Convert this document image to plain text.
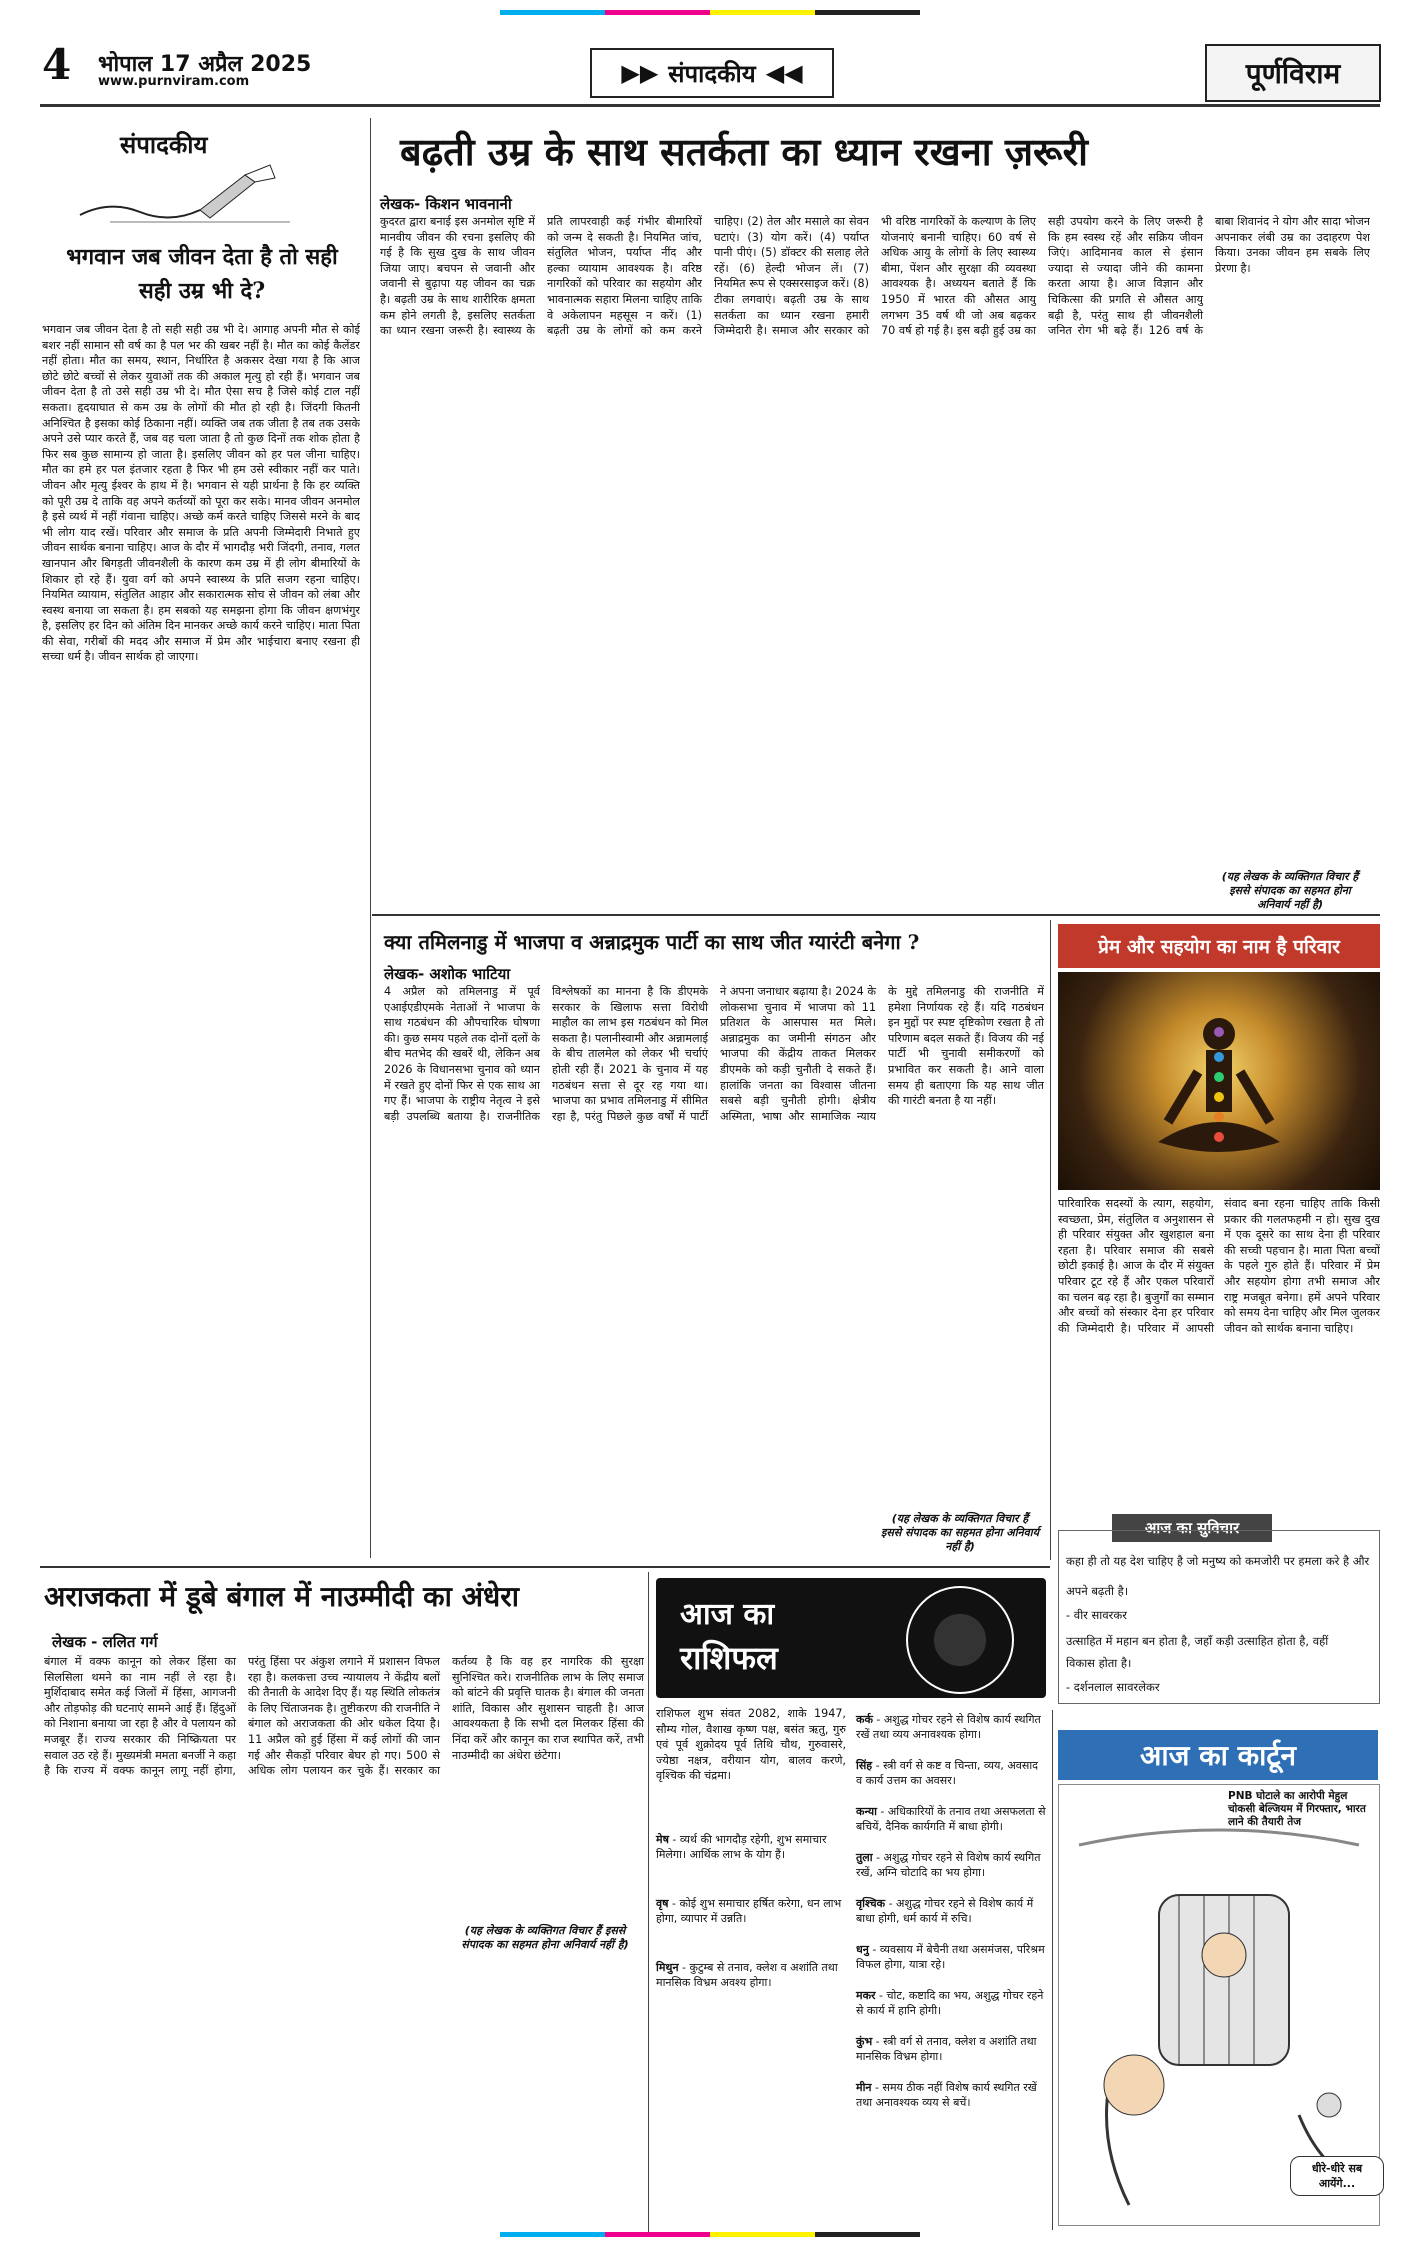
4 भोपाल 17 अप्रैल 2025
www.purnviram.com	▶▶ संपादकीय ◀◀	पूर्णविराम
संपादकीय
भगवान जब जीवन देता है तो सही सही उम्र भी दे?
भगवान जब जीवन देता है तो सही सही उम्र भी दे। आगाह अपनी मौत से कोई बशर नहीं सामान सौ वर्ष का है पल भर की खबर नहीं है। मौत का कोई कैलेंडर नहीं होता। मौत का समय, स्थान, निर्धारित है अकसर देखा गया है कि आज छोटे छोटे बच्चों से लेकर युवाओं तक की अकाल मृत्यु हो रही हैं। भगवान जब जीवन देता है तो उसे सही उम्र भी दे। मौत ऐसा सच है जिसे कोई टाल नहीं सकता। हृदयाघात से कम उम्र के लोगों की मौत हो रही है। जिंदगी कितनी अनिश्चित है इसका कोई ठिकाना नहीं। व्यक्ति जब तक जीता है तब तक उसके अपने उसे प्यार करते हैं, जब वह चला जाता है तो कुछ दिनों तक शोक होता है फिर सब कुछ सामान्य हो जाता है। इसलिए जीवन को हर पल जीना चाहिए। मौत का हमे हर पल इंतजार रहता है फिर भी हम उसे स्वीकार नहीं कर पाते। जीवन और मृत्यु ईश्वर के हाथ में है। भगवान से यही प्रार्थना है कि हर व्यक्ति को पूरी उम्र दे ताकि वह अपने कर्तव्यों को पूरा कर सके। मानव जीवन अनमोल है इसे व्यर्थ में नहीं गंवाना चाहिए। अच्छे कर्म करते चाहिए जिससे मरने के बाद भी लोग याद रखें। परिवार और समाज के प्रति अपनी जिम्मेदारी निभाते हुए जीवन सार्थक बनाना चाहिए। आज के दौर में भागदौड़ भरी जिंदगी, तनाव, गलत खानपान और बिगड़ती जीवनशैली के कारण कम उम्र में ही लोग बीमारियों के शिकार हो रहे हैं। युवा वर्ग को अपने स्वास्थ्य के प्रति सजग रहना चाहिए। नियमित व्यायाम, संतुलित आहार और सकारात्मक सोच से जीवन को लंबा और स्वस्थ बनाया जा सकता है। हम सबको यह समझना होगा कि जीवन क्षणभंगुर है, इसलिए हर दिन को अंतिम दिन मानकर अच्छे कार्य करने चाहिए। माता पिता की सेवा, गरीबों की मदद और समाज में प्रेम और भाईचारा बनाए रखना ही सच्चा धर्म है। जीवन सार्थक हो जाएगा।
बढ़ती उम्र के साथ सतर्कता का ध्यान रखना ज़रूरी
लेखक- किशन भावनानी
कुदरत द्वारा बनाई इस अनमोल सृष्टि में मानवीय जीवन की रचना इसलिए की गई है कि सुख दुख के साथ जीवन जिया जाए। बचपन से जवानी और जवानी से बुढ़ापा यह जीवन का चक्र है। बढ़ती उम्र के साथ शारीरिक क्षमता कम होने लगती है, इसलिए सतर्कता का ध्यान रखना जरूरी है। स्वास्थ्य के प्रति लापरवाही कई गंभीर बीमारियों को जन्म दे सकती है। नियमित जांच, संतुलित भोजन, पर्याप्त नींद और हल्का व्यायाम आवश्यक है। वरिष्ठ नागरिकों को परिवार का सहयोग और भावनात्मक सहारा मिलना चाहिए ताकि वे अकेलापन महसूस न करें। (1) बढ़ती उम्र के लोगों को कम करने चाहिए। (2) तेल और मसाले का सेवन घटाएं। (3) योग करें। (4) पर्याप्त पानी पीएं। (5) डॉक्टर की सलाह लेते रहें। (6) हेल्दी भोजन लें। (7) नियमित रूप से एक्सरसाइज करें। (8) टीका लगवाएं। बढ़ती उम्र के साथ सतर्कता का ध्यान रखना हमारी जिम्मेदारी है। समाज और सरकार को भी वरिष्ठ नागरिकों के कल्याण के लिए योजनाएं बनानी चाहिए। 60 वर्ष से अधिक आयु के लोगों के लिए स्वास्थ्य बीमा, पेंशन और सुरक्षा की व्यवस्था आवश्यक है। अध्ययन बताते हैं कि 1950 में भारत की औसत आयु लगभग 35 वर्ष थी जो अब बढ़कर 70 वर्ष हो गई है। इस बढ़ी हुई उम्र का सही उपयोग करने के लिए जरूरी है कि हम स्वस्थ रहें और सक्रिय जीवन जिएं। आदिमानव काल से इंसान ज्यादा से ज्यादा जीने की कामना करता आया है। आज विज्ञान और चिकित्सा की प्रगति से औसत आयु बढ़ी है, परंतु साथ ही जीवनशैली जनित रोग भी बढ़े हैं। 126 वर्ष के बाबा शिवानंद ने योग और सादा भोजन अपनाकर लंबी उम्र का उदाहरण पेश किया। उनका जीवन हम सबके लिए प्रेरणा है।
(यह लेखक के व्यक्तिगत विचार हैं इससे संपादक का सहमत होना अनिवार्य नहीं है)
क्या तमिलनाडु में भाजपा व अन्नाद्रमुक पार्टी का साथ जीत ग्यारंटी बनेगा ?
लेखक- अशोक भाटिया
4 अप्रैल को तमिलनाडु में पूर्व एआईएडीएमके नेताओं ने भाजपा के साथ गठबंधन की औपचारिक घोषणा की। कुछ समय पहले तक दोनों दलों के बीच मतभेद की खबरें थी, लेकिन अब 2026 के विधानसभा चुनाव को ध्यान में रखते हुए दोनों फिर से एक साथ आ गए हैं। भाजपा के राष्ट्रीय नेतृत्व ने इसे बड़ी उपलब्धि बताया है। राजनीतिक विश्लेषकों का मानना है कि डीएमके सरकार के खिलाफ सत्ता विरोधी माहौल का लाभ इस गठबंधन को मिल सकता है। पलानीस्वामी और अन्नामलाई के बीच तालमेल को लेकर भी चर्चाएं होती रही हैं। 2021 के चुनाव में यह गठबंधन सत्ता से दूर रह गया था। भाजपा का प्रभाव तमिलनाडु में सीमित रहा है, परंतु पिछले कुछ वर्षों में पार्टी ने अपना जनाधार बढ़ाया है। 2024 के लोकसभा चुनाव में भाजपा को 11 प्रतिशत के आसपास मत मिले। अन्नाद्रमुक का जमीनी संगठन और भाजपा की केंद्रीय ताकत मिलकर डीएमके को कड़ी चुनौती दे सकते हैं। हालांकि जनता का विश्वास जीतना सबसे बड़ी चुनौती होगी। क्षेत्रीय अस्मिता, भाषा और सामाजिक न्याय के मुद्दे तमिलनाडु की राजनीति में हमेशा निर्णायक रहे हैं। यदि गठबंधन इन मुद्दों पर स्पष्ट दृष्टिकोण रखता है तो परिणाम बदल सकते हैं। विजय की नई पार्टी भी चुनावी समीकरणों को प्रभावित कर सकती है। आने वाला समय ही बताएगा कि यह साथ जीत की गारंटी बनता है या नहीं।
(यह लेखक के व्यक्तिगत विचार हैं इससे संपादक का सहमत होना अनिवार्य नहीं है)
प्रेम और सहयोग का नाम है परिवार
पारिवारिक सदस्यों के त्याग, सहयोग, स्वच्छता, प्रेम, संतुलित व अनुशासन से ही परिवार संयुक्त और खुशहाल बना रहता है। परिवार समाज की सबसे छोटी इकाई है। आज के दौर में संयुक्त परिवार टूट रहे हैं और एकल परिवारों का चलन बढ़ रहा है। बुजुर्गों का सम्मान और बच्चों को संस्कार देना हर परिवार की जिम्मेदारी है। परिवार में आपसी संवाद बना रहना चाहिए ताकि किसी प्रकार की गलतफहमी न हो। सुख दुख में एक दूसरे का साथ देना ही परिवार की सच्ची पहचान है। माता पिता बच्चों के पहले गुरु होते हैं। परिवार में प्रेम और सहयोग होगा तभी समाज और राष्ट्र मजबूत बनेगा। हमें अपने परिवार को समय देना चाहिए और मिल जुलकर जीवन को सार्थक बनाना चाहिए।
आज का सुविचार
कहा ही तो यह देश चाहिए है जो मनुष्य को कमजोरी पर हमला करे है और
अपने बढ़ती है।
- वीर सावरकर
उत्साहित में महान बन होता है, जहाँ कड़ी उत्साहित होता है, वहीं
विकास होता है।
- दर्शनलाल सावरलेकर
अराजकता में डूबे बंगाल में नाउम्मीदी का अंधेरा
लेखक - ललित गर्ग
बंगाल में वक्फ कानून को लेकर हिंसा का सिलसिला थमने का नाम नहीं ले रहा है। मुर्शिदाबाद समेत कई जिलों में हिंसा, आगजनी और तोड़फोड़ की घटनाएं सामने आई हैं। हिंदुओं को निशाना बनाया जा रहा है और वे पलायन को मजबूर हैं। राज्य सरकार की निष्क्रियता पर सवाल उठ रहे हैं। मुख्यमंत्री ममता बनर्जी ने कहा है कि राज्य में वक्फ कानून लागू नहीं होगा, परंतु हिंसा पर अंकुश लगाने में प्रशासन विफल रहा है। कलकत्ता उच्च न्यायालय ने केंद्रीय बलों की तैनाती के आदेश दिए हैं। यह स्थिति लोकतंत्र के लिए चिंताजनक है। तुष्टीकरण की राजनीति ने बंगाल को अराजकता की ओर धकेल दिया है। 11 अप्रैल को हुई हिंसा में कई लोगों की जान गई और सैकड़ों परिवार बेघर हो गए। 500 से अधिक लोग पलायन कर चुके हैं। सरकार का कर्तव्य है कि वह हर नागरिक की सुरक्षा सुनिश्चित करे। राजनीतिक लाभ के लिए समाज को बांटने की प्रवृत्ति घातक है। बंगाल की जनता शांति, विकास और सुशासन चाहती है। आज आवश्यकता है कि सभी दल मिलकर हिंसा की निंदा करें और कानून का राज स्थापित करें, तभी नाउम्मीदी का अंधेरा छंटेगा।
(यह लेखक के व्यक्तिगत विचार हैं इससे संपादक का सहमत होना अनिवार्य नहीं है)
आज का
राशिफल
राशिफल शुभ संवत 2082, शाके 1947, सौम्य गोल, वैशाख कृष्ण पक्ष, बसंत ऋतु, गुरु एवं पूर्व शुक्रोदय पूर्व तिथि चौथ, गुरुवासरे, ज्येष्ठा नक्षत्र, वरीयान योग, बालव करणे, वृश्चिक की चंद्रमा।
मेष - व्यर्थ की भागदौड़ रहेगी, शुभ समाचार मिलेगा। आर्थिक लाभ के योग हैं।
वृष - कोई शुभ समाचार हर्षित करेगा, धन लाभ होगा, व्यापार में उन्नति।
मिथुन - कुटुम्ब से तनाव, क्लेश व अशांति तथा मानसिक विभ्रम अवश्य होगा।
कर्क - अशुद्ध गोचर रहने से विशेष कार्य स्थगित रखें तथा व्यय अनावश्यक होगा।
सिंह - स्त्री वर्ग से कष्ट व चिन्ता, व्यय, अवसाद व कार्य उत्तम का अवसर।
कन्या - अधिकारियों के तनाव तथा असफलता से बचियें, दैनिक कार्यगति में बाधा होगी।
तुला - अशुद्ध गोचर रहने से विशेष कार्य स्थगित रखें, अग्नि चोटादि का भय होगा।
वृश्चिक - अशुद्ध गोचर रहने से विशेष कार्य में बाधा होगी, धर्म कार्य में रुचि।
धनु - व्यवसाय में बेचैनी तथा असमंजस, परिश्रम विफल होगा, यात्रा रहे।
मकर - चोट, कष्टादि का भय, अशुद्ध गोचर रहने से कार्य में हानि होगी।
कुंभ - स्त्री वर्ग से तनाव, क्लेश व अशांति तथा मानसिक विभ्रम होगा।
मीन - समय ठीक नहीं विशेष कार्य स्थगित रखें तथा अनावश्यक व्यय से बचें।
आज का कार्टून
PNB घोटाले का आरोपी मेहुल चोकसी बेल्जियम में गिरफ्तार, भारत लाने की तैयारी तेज
धीरे-धीरे सब आयेंगे...
